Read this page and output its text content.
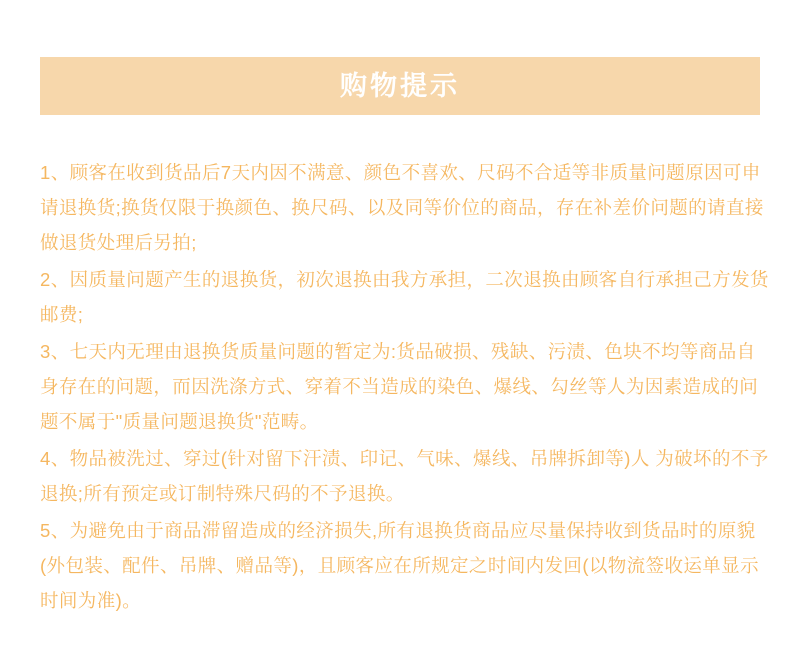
购物提示

1、顾客在收到货品后7天内因不满意、颜色不喜欢、尺码不合适等非质量问题原因可申请退换货;换货仅限于换颜色、换尺码、以及同等价位的商品，存在补差价问题的请直接做退货处理后另拍;

2、因质量问题产生的退换货，初次退换由我方承担，二次退换由顾客自行承担己方发货邮费;

3、七天内无理由退换货质量问题的暂定为:货品破损、残缺、污渍、色块不均等商品自身存在的问题，而因洗涤方式、穿着不当造成的染色、爆线、勾丝等人为因素造成的问题不属于"质量问题退换货"范畴。

4、物品被洗过、穿过(针对留下汗渍、印记、气味、爆线、吊牌拆卸等)人 为破坏的不予退换;所有预定或订制特殊尺码的不予退换。

5、为避免由于商品滞留造成的经济损失,所有退换货商品应尽量保持收到货品时的原貌(外包装、配件、吊牌、赠品等)，且顾客应在所规定之时间内发回(以物流签收运单显示时间为准)。
